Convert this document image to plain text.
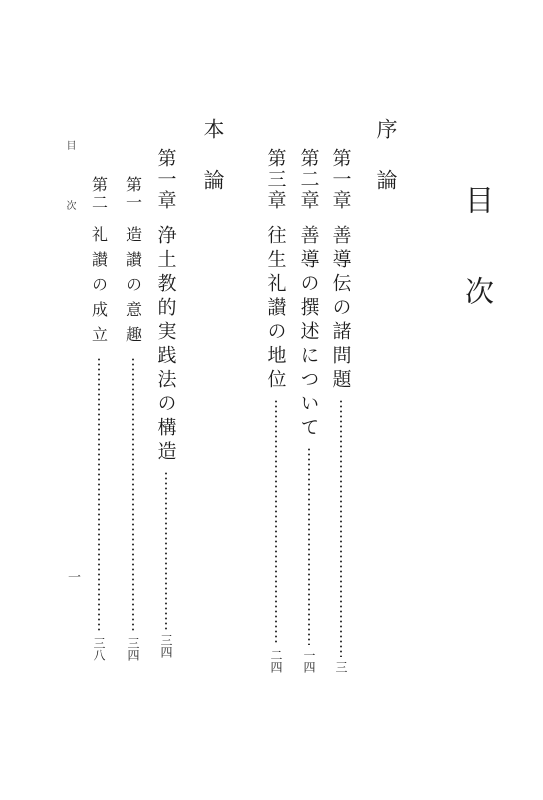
目次
序論
第一章
善導伝の諸問題
三
第二章
善導の撰述について
一四
第三章
往生礼讃の地位
二四
本論
第一章
浄土教的実践法の構造
三四
第一
造讃の意趣
三四
第二
礼讃の成立
三八
目次
一
